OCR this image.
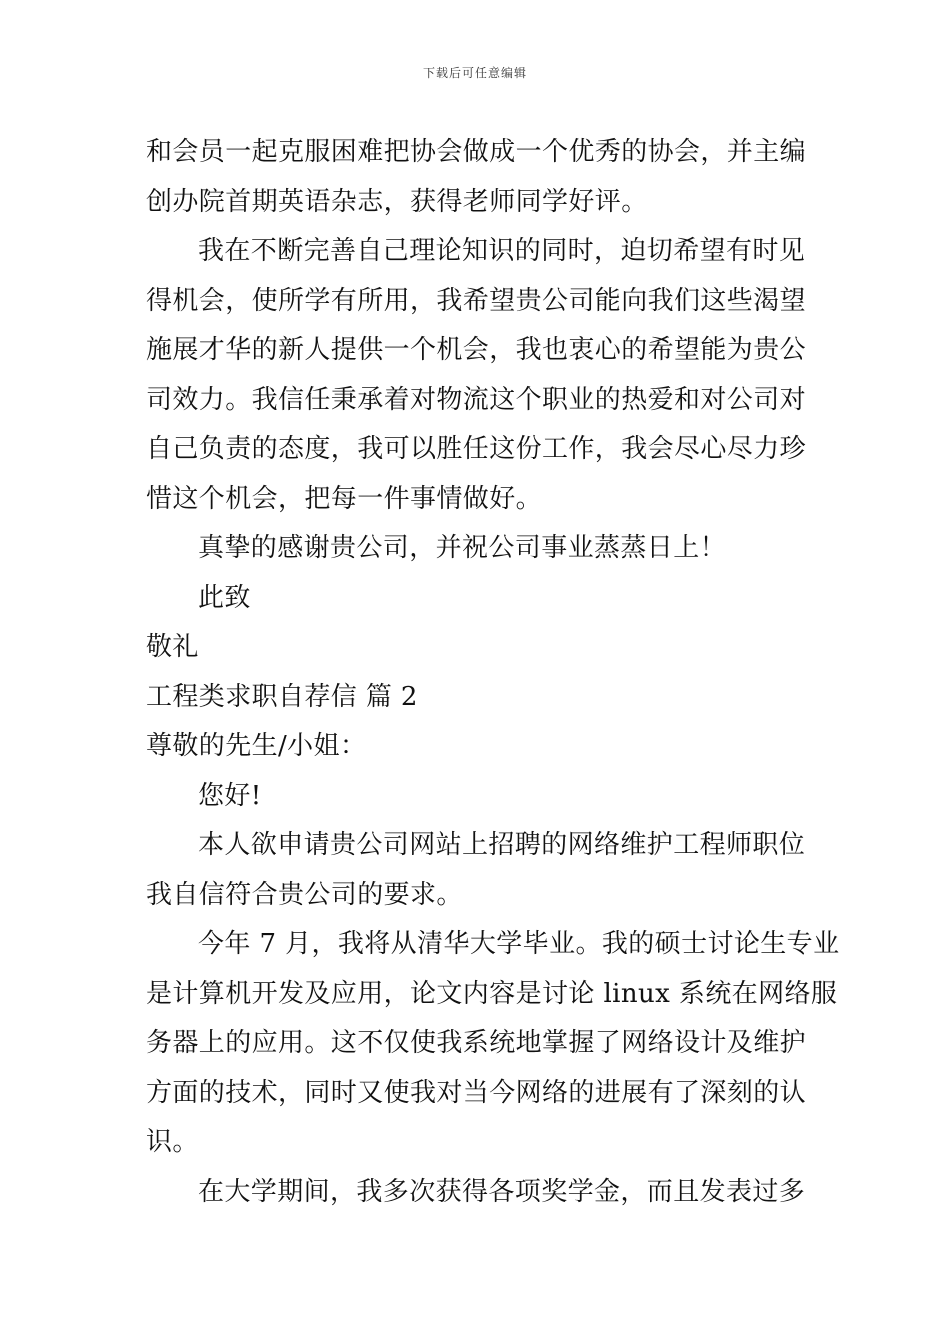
下载后可任意编辑
和会员一起克服困难把协会做成一个优秀的协会，并主编
创办院首期英语杂志，获得老师同学好评。
我在不断完善自己理论知识的同时，迫切希望有时见
得机会，使所学有所用，我希望贵公司能向我们这些渴望
施展才华的新人提供一个机会，我也衷心的希望能为贵公
司效力。我信任秉承着对物流这个职业的热爱和对公司对
自己负责的态度，我可以胜任这份工作，我会尽心尽力珍
惜这个机会，把每一件事情做好。
真挚的感谢贵公司，并祝公司事业蒸蒸日上！
此致
敬礼
工程类求职自荐信 篇 2
尊敬的先生/小姐：
您好!
本人欲申请贵公司网站上招聘的网络维护工程师职位
我自信符合贵公司的要求。
今年 7 月，我将从清华大学毕业。我的硕士讨论生专业
是计算机开发及应用，论文内容是讨论 linux 系统在网络服
务器上的应用。这不仅使我系统地掌握了网络设计及维护
方面的技术，同时又使我对当今网络的进展有了深刻的认
识。
在大学期间，我多次获得各项奖学金，而且发表过多
